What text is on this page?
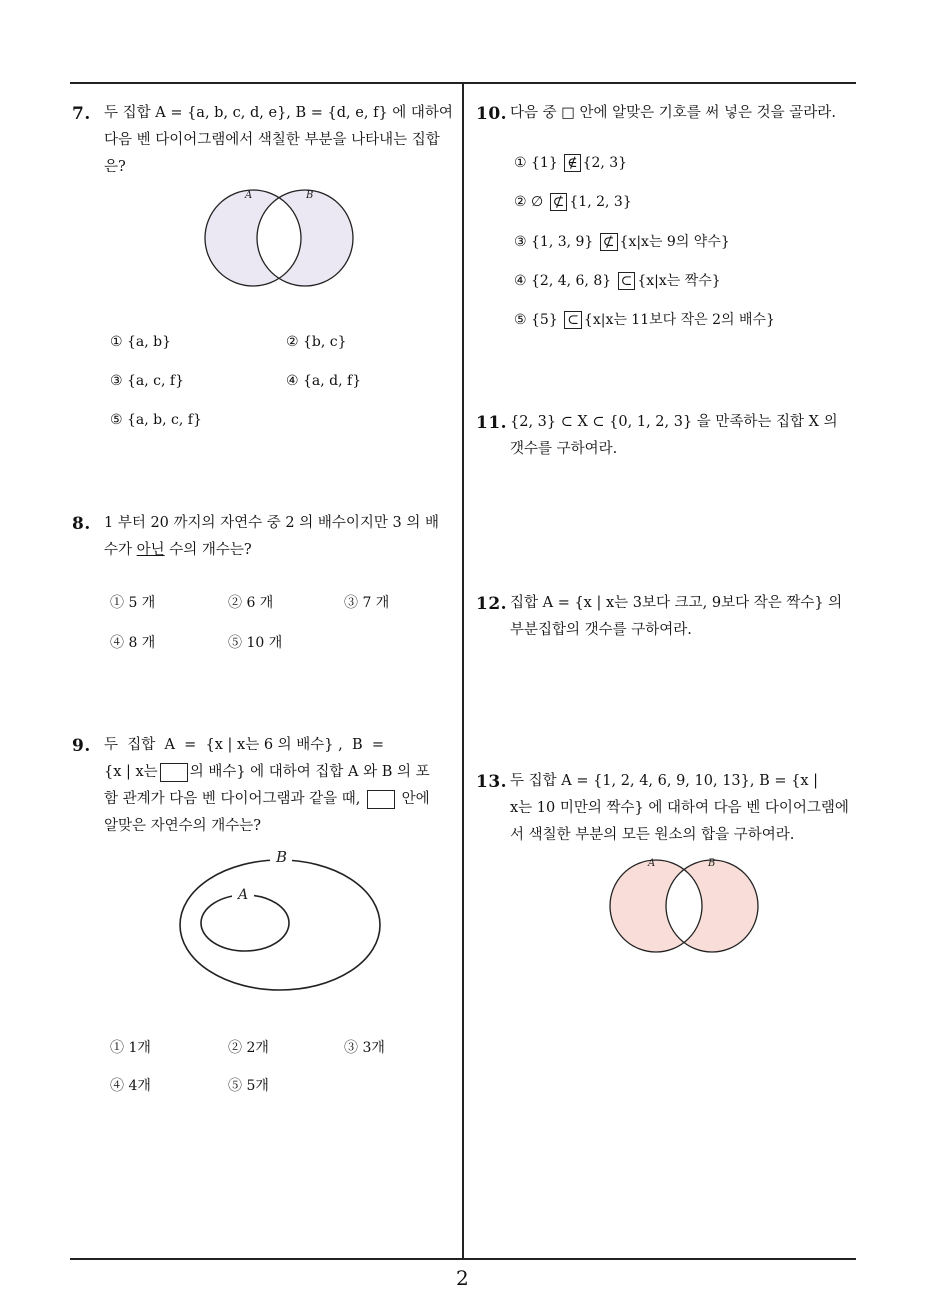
2
7. 두 집합 A = {a, b, c, d, e}, B = {d, e, f} 에 대하여
다음 벤 다이어그램에서 색칠한 부분을 나타내는 집합
은?
A	B
① {a, b}	② {b, c}
③ {a, c, f}	④ {a, d, f}
⑤ {a, b, c, f}
8. 1 부터 20 까지의 자연수 중 2 의 배수이지만 3 의 배
수가 아닌 수의 개수는?
① 5 개	② 6 개	③ 7 개
④ 8 개	⑤ 10 개
9. 두  집합  A  =  {x | x는 6 의 배수} ,  B  =
{x | x는 의 배수} 에 대하여 집합 A 와 B 의 포
함 관계가 다음 벤 다이어그램과 같을 때,	안에
알맞은 자연수의 개수는?
B
A
① 1개	② 2개	③ 3개
④ 4개	⑤ 5개
10. 다음 중 □ 안에 알맞은 기호를 써 넣은 것을 골라라.
① {1} ∉ {2, 3}
② ∅ ⊄ {1, 2, 3}
③ {1, 3, 9} ⊄ {x|x는 9의 약수}
④ {2, 4, 6, 8} ⊂ {x|x는 짝수}
⑤ {5} ⊂ {x|x는 11보다 작은 2의 배수}
11. {2, 3} ⊂ X ⊂ {0, 1, 2, 3} 을 만족하는 집합 X 의
갯수를 구하여라.
12. 집합 A = {x | x는 3보다 크고, 9보다 작은 짝수} 의
부분집합의 갯수를 구하여라.
13. 두 집합 A = {1, 2, 4, 6, 9, 10, 13}, B = {x |
x는 10 미만의 짝수} 에 대하여 다음 벤 다이어그램에
서 색칠한 부분의 모든 원소의 합을 구하여라.
A	B
